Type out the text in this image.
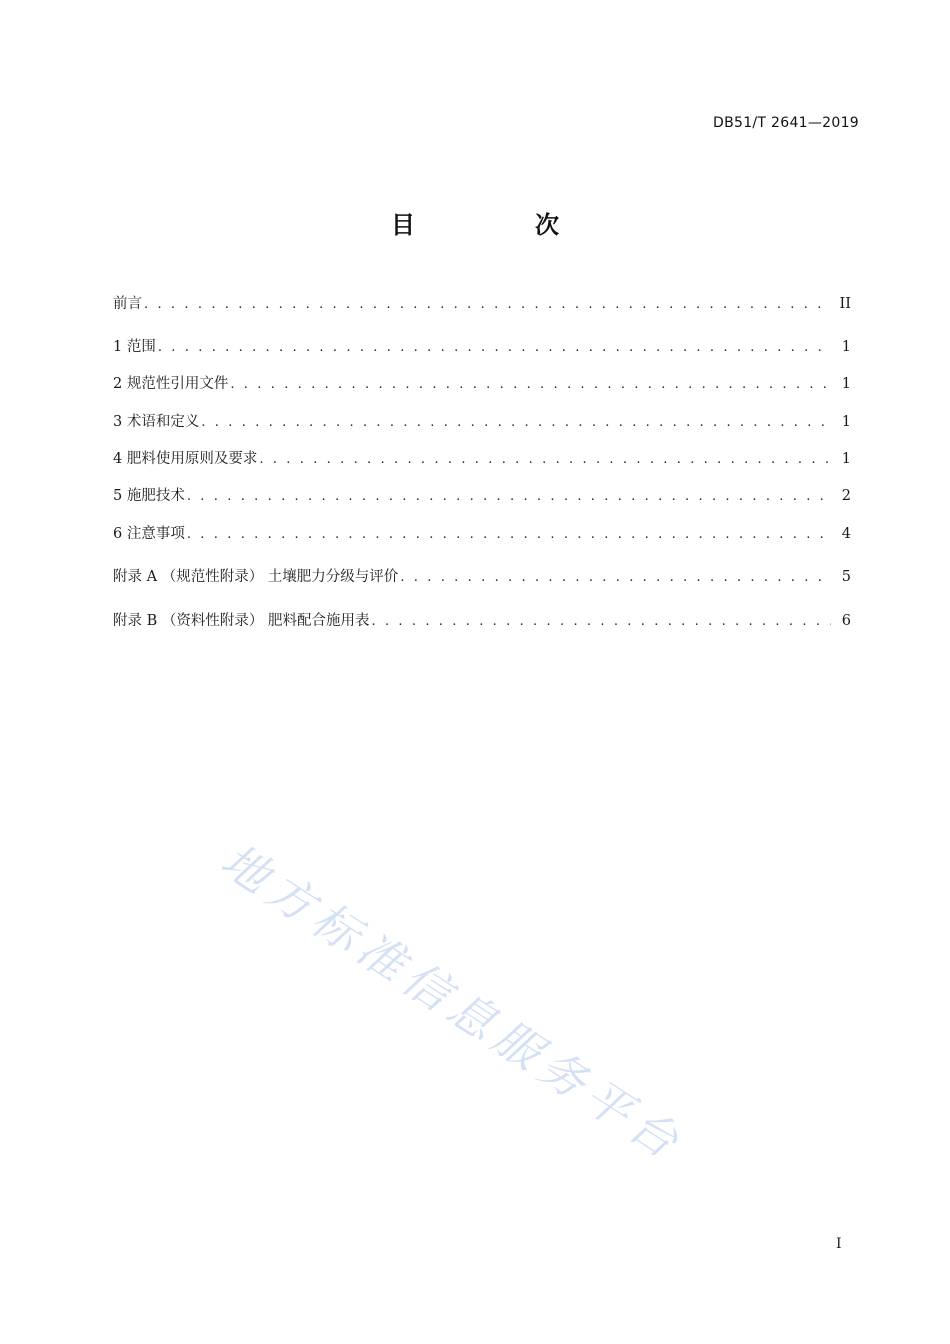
DB51/T 2641—2019
目　次
前言 . . .	II
1 范围 . . .	1
2 规范性引用文件 . . .	1
3 术语和定义 . . .	1
4 肥料使用原则及要求 . . .	1
5 施肥技术 . . .	2
6 注意事项 . . .	4
附录 A （规范性附录） 土壤肥力分级与评价 . . .	5
附录 B （资料性附录） 肥料配合施用表 . . .	6
地方标准信息服务平台
I
